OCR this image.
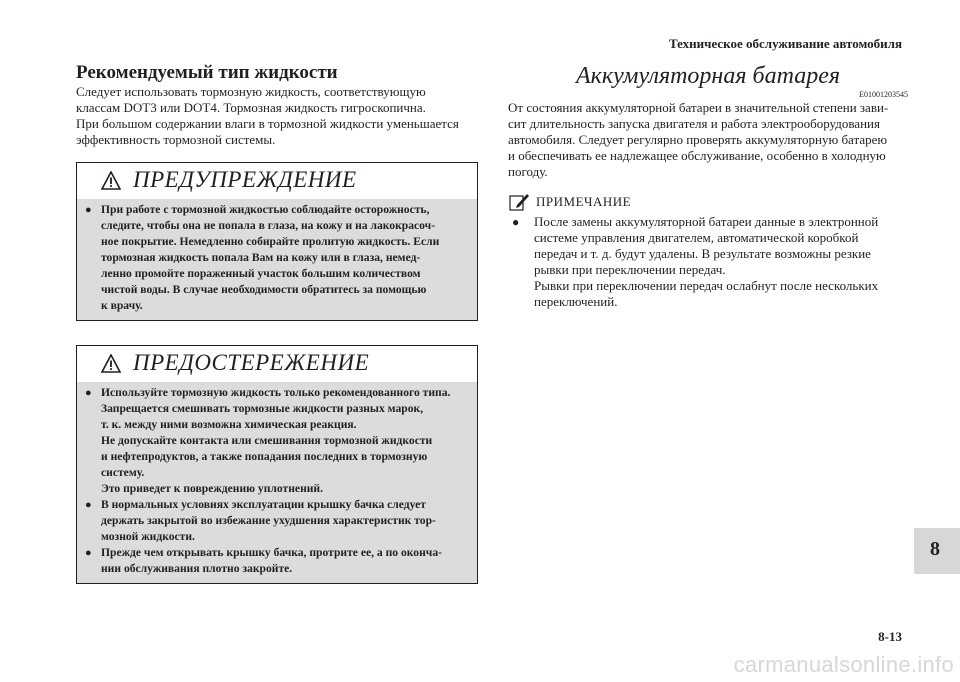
Техническое обслуживание автомобиля
Рекомендуемый тип жидкости

Следует использовать тормозную жидкость, соответствующую
классам DOT3 или DOT4. Тормозная жидкость гигроскопична.
При большом содержании влаги в тормозной жидкости уменьшается
эффективность тормозной системы.

ПРЕДУПРЕЖДЕНИЕ
● При работе с тормозной жидкостью соблюдайте осторожность,
следите, чтобы она не попала в глаза, на кожу и на лакокрасоч-
ное покрытие. Немедленно собирайте пролитую жидкость. Если
тормозная жидкость попала Вам на кожу или в глаза, немед-
ленно промойте пораженный участок большим количеством
чистой воды. В случае необходимости обратитесь за помощью
к врачу.
ПРЕДОСТЕРЕЖЕНИЕ
● Используйте тормозную жидкость только рекомендованного типа.
Запрещается смешивать тормозные жидкости разных марок,
т. к. между ними возможна химическая реакция.
Не допускайте контакта или смешивания тормозной жидкости
и нефтепродуктов, а также попадания последних в тормозную
систему.
Это приведет к повреждению уплотнений.
● В нормальных условиях эксплуатации крышку бачка следует
держать закрытой во избежание ухудшения характеристик тор-
мозной жидкости.
● Прежде чем открывать крышку бачка, протрите ее, а по оконча-
нии обслуживания плотно закройте.
Аккумуляторная батарея
E01001203545

От состояния аккумуляторной батареи в значительной степени зави-
сит длительность запуска двигателя и работа электрооборудования
автомобиля. Следует регулярно проверять аккумуляторную батарею
и обеспечивать ее надлежащее обслуживание, особенно в холодную
погоду.

ПРИМЕЧАНИЕ
●	После замены аккумуляторной батареи данные в электронной
системе управления двигателем, автоматической коробкой
передач и т. д. будут удалены. В результате возможны резкие
рывки при переключении передач.
Рывки при переключении передач ослабнут после нескольких
переключений.
8
8-13
carmanualsonline.info
